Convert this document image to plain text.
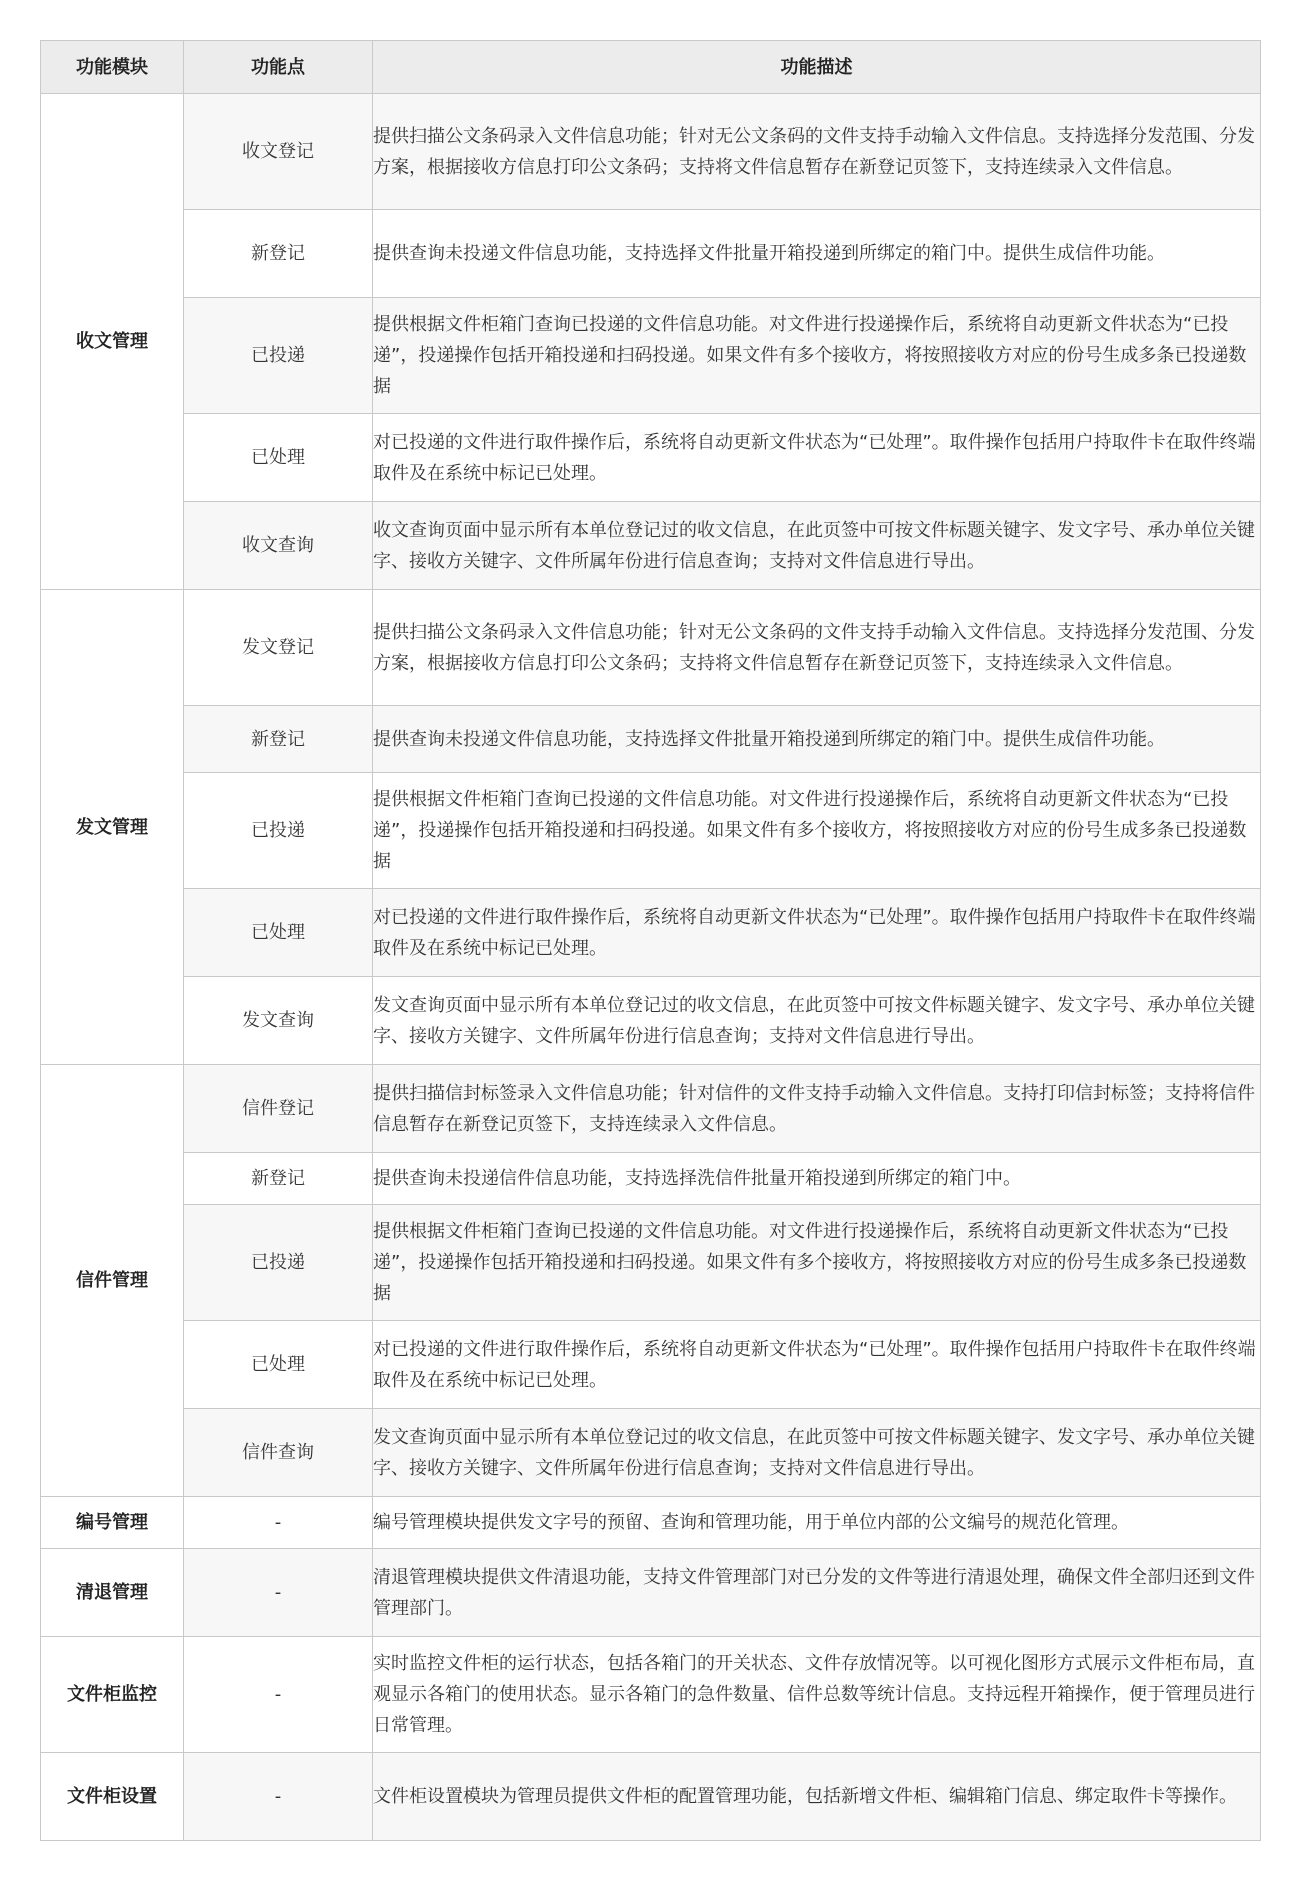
功能模块	功能点	功能描述
收文管理	收文登记	提供扫描公文条码录入文件信息功能；针对无公文条码的文件支持手动输入文件信息。支持选择分发范围、分发方案，根据接收方信息打印公文条码；支持将文件信息暂存在新登记页签下，支持连续录入文件信息。
	新登记	提供查询未投递文件信息功能，支持选择文件批量开箱投递到所绑定的箱门中。提供生成信件功能。
	已投递	提供根据文件柜箱门查询已投递的文件信息功能。对文件进行投递操作后，系统将自动更新文件状态为“已投递”，投递操作包括开箱投递和扫码投递。如果文件有多个接收方，将按照接收方对应的份号生成多条已投递数据
	已处理	对已投递的文件进行取件操作后，系统将自动更新文件状态为“已处理”。取件操作包括用户持取件卡在取件终端取件及在系统中标记已处理。
	收文查询	收文查询页面中显示所有本单位登记过的收文信息，在此页签中可按文件标题关键字、发文字号、承办单位关键字、接收方关键字、文件所属年份进行信息查询；支持对文件信息进行导出。
发文管理	发文登记	提供扫描公文条码录入文件信息功能；针对无公文条码的文件支持手动输入文件信息。支持选择分发范围、分发方案，根据接收方信息打印公文条码；支持将文件信息暂存在新登记页签下，支持连续录入文件信息。
	新登记	提供查询未投递文件信息功能，支持选择文件批量开箱投递到所绑定的箱门中。提供生成信件功能。
	已投递	提供根据文件柜箱门查询已投递的文件信息功能。对文件进行投递操作后，系统将自动更新文件状态为“已投递”，投递操作包括开箱投递和扫码投递。如果文件有多个接收方，将按照接收方对应的份号生成多条已投递数据
	已处理	对已投递的文件进行取件操作后，系统将自动更新文件状态为“已处理”。取件操作包括用户持取件卡在取件终端取件及在系统中标记已处理。
	发文查询	发文查询页面中显示所有本单位登记过的收文信息，在此页签中可按文件标题关键字、发文字号、承办单位关键字、接收方关键字、文件所属年份进行信息查询；支持对文件信息进行导出。
信件管理	信件登记	提供扫描信封标签录入文件信息功能；针对信件的文件支持手动输入文件信息。支持打印信封标签；支持将信件信息暂存在新登记页签下，支持连续录入文件信息。
	新登记	提供查询未投递信件信息功能，支持选择洗信件批量开箱投递到所绑定的箱门中。
	已投递	提供根据文件柜箱门查询已投递的文件信息功能。对文件进行投递操作后，系统将自动更新文件状态为“已投递”，投递操作包括开箱投递和扫码投递。如果文件有多个接收方，将按照接收方对应的份号生成多条已投递数据
	已处理	对已投递的文件进行取件操作后，系统将自动更新文件状态为“已处理”。取件操作包括用户持取件卡在取件终端取件及在系统中标记已处理。
	信件查询	发文查询页面中显示所有本单位登记过的收文信息，在此页签中可按文件标题关键字、发文字号、承办单位关键字、接收方关键字、文件所属年份进行信息查询；支持对文件信息进行导出。
编号管理	-	编号管理模块提供发文字号的预留、查询和管理功能，用于单位内部的公文编号的规范化管理。
清退管理	-	清退管理模块提供文件清退功能，支持文件管理部门对已分发的文件等进行清退处理，确保文件全部归还到文件管理部门。
文件柜监控	-	实时监控文件柜的运行状态，包括各箱门的开关状态、文件存放情况等。以可视化图形方式展示文件柜布局，直观显示各箱门的使用状态。显示各箱门的急件数量、信件总数等统计信息。支持远程开箱操作，便于管理员进行日常管理。
文件柜设置	-	文件柜设置模块为管理员提供文件柜的配置管理功能，包括新增文件柜、编辑箱门信息、绑定取件卡等操作。
